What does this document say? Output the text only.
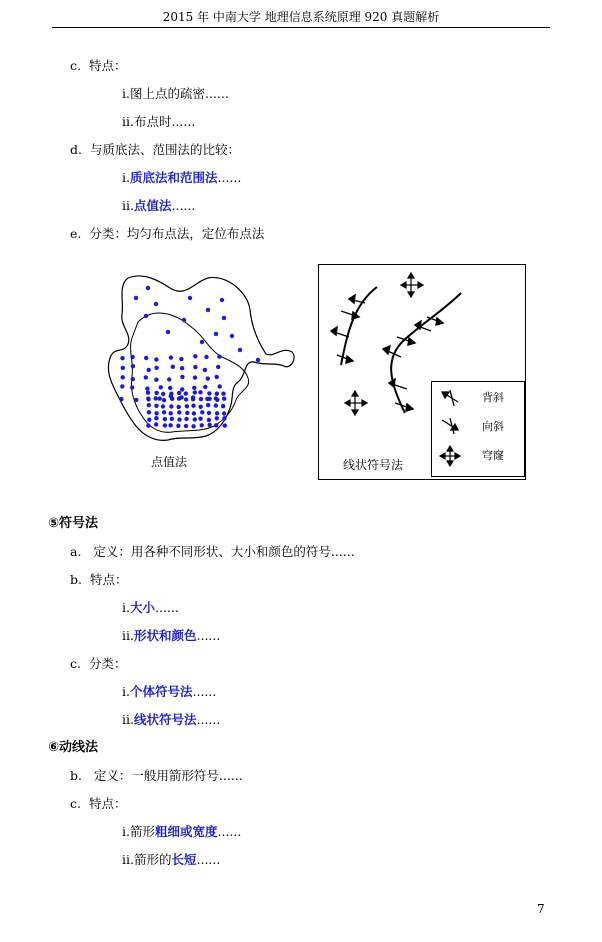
2015 年 中南大学 地理信息系统原理 920 真题解析
c. 特点：
ⅰ.图上点的疏密......
ⅱ.布点时......
d. 与质底法、范围法的比较：
ⅰ.质底法和范围法......
ⅱ.点值法......
e. 分类：均匀布点法，定位布点法
点值法
背斜
向斜
穹窿
线状符号法
⑤符号法
a. 定义：用各种不同形状、大小和颜色的符号......
b. 特点：
ⅰ.大小......
ⅱ.形状和颜色......
c. 分类：
ⅰ.个体符号法......
ⅱ.线状符号法......
⑥动线法
b. 定义：一般用箭形符号......
c. 特点：
ⅰ.箭形粗细或宽度......
ⅱ.箭形的长短......
7
